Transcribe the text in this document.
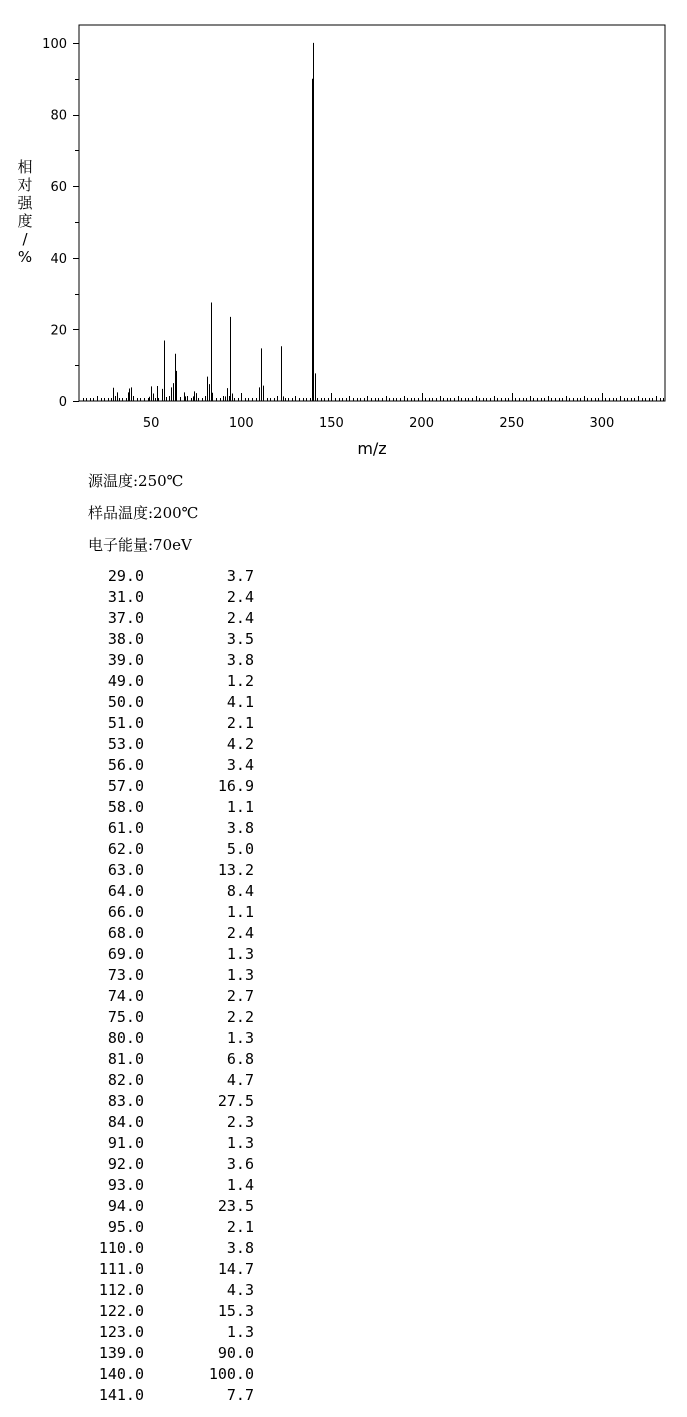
50	100	150	200	250	300
0
20
40
60
80
100
m/z
相
对
强
度
/
%
源温度:250℃
样品温度:200℃
电子能量:70eV
29.0	3.7
31.0	2.4
37.0	2.4
38.0	3.5
39.0	3.8
49.0	1.2
50.0	4.1
51.0	2.1
53.0	4.2
56.0	3.4
57.0	16.9
58.0	1.1
61.0	3.8
62.0	5.0
63.0	13.2
64.0	8.4
66.0	1.1
68.0	2.4
69.0	1.3
73.0	1.3
74.0	2.7
75.0	2.2
80.0	1.3
81.0	6.8
82.0	4.7
83.0	27.5
84.0	2.3
91.0	1.3
92.0	3.6
93.0	1.4
94.0	23.5
95.0	2.1
110.0	3.8
111.0	14.7
112.0	4.3
122.0	15.3
123.0	1.3
139.0	90.0
140.0	100.0
141.0	7.7
